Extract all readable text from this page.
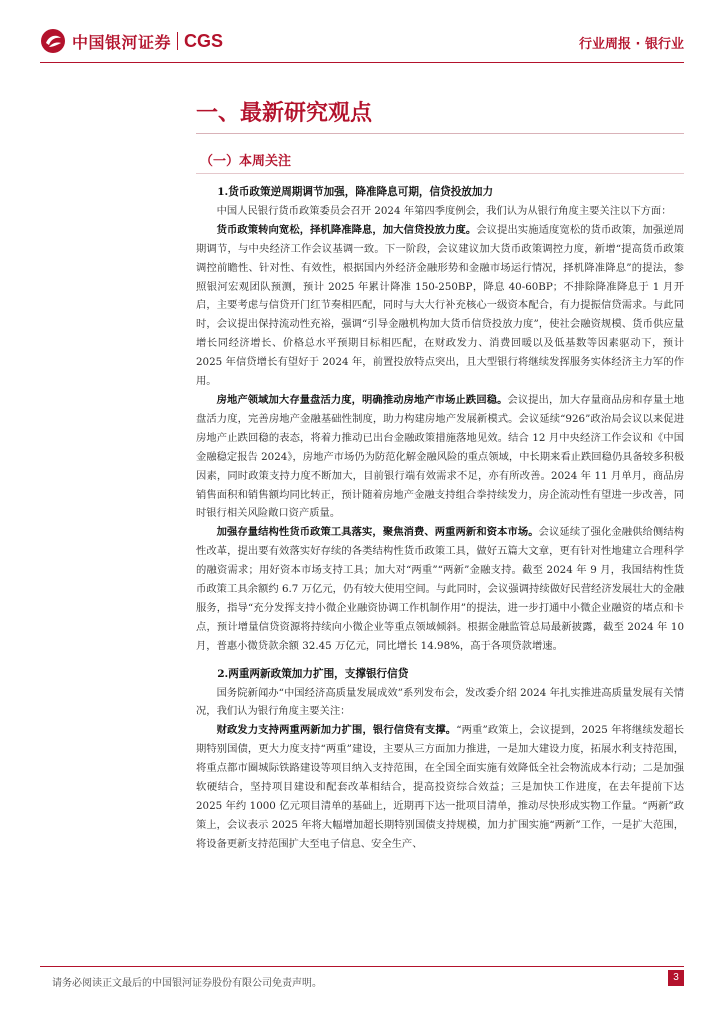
中国银河证券 CGS	行业周报 · 银行业
一、最新研究观点
（一）本周关注

1.货币政策逆周期调节加强，降准降息可期，信贷投放加力

中国人民银行货币政策委员会召开 2024 年第四季度例会，我们认为从银行角度主要关注以下方面：

货币政策转向宽松，择机降准降息，加大信贷投放力度。会议提出实施适度宽松的货币政策，加强逆周期调节，与中央经济工作会议基调一致。下一阶段，会议建议加大货币政策调控力度，新增“提高货币政策调控前瞻性、针对性、有效性，根据国内外经济金融形势和金融市场运行情况，择机降准降息”的提法，参照银河宏观团队预测，预计 2025 年累计降准 150-250BP，降息 40-60BP；不排除降准降息于 1 月开启，主要考虑与信贷开门红节奏相匹配，同时与大大行补充核心一级资本配合，有力提振信贷需求。与此同时，会议提出保持流动性充裕，强调“引导金融机构加大货币信贷投放力度”，使社会融资规模、货币供应量增长同经济增长、价格总水平预期目标相匹配，在财政发力、消费回暖以及低基数等因素驱动下，预计 2025 年信贷增长有望好于 2024 年，前置投放特点突出，且大型银行将继续发挥服务实体经济主力军的作用。

房地产领域加大存量盘活力度，明确推动房地产市场止跌回稳。会议提出，加大存量商品房和存量土地盘活力度，完善房地产金融基础性制度，助力构建房地产发展新模式。会议延续“926”政治局会议以来促进房地产止跌回稳的表态，将着力推动已出台金融政策措施落地见效。结合 12 月中央经济工作会议和《中国金融稳定报告 2024》，房地产市场仍为防范化解金融风险的重点领域，中长期来看止跌回稳仍具备较多积极因素，同时政策支持力度不断加大，目前银行端有效需求不足，亦有所改善。2024 年 11 月单月，商品房销售面积和销售额均同比转正，预计随着房地产金融支持组合拳持续发力，房企流动性有望进一步改善，同时银行相关风险敞口资产质量。

加强存量结构性货币政策工具落实，聚焦消费、两重两新和资本市场。会议延续了强化金融供给侧结构性改革，提出要有效落实好存续的各类结构性货币政策工具，做好五篇大文章，更有针对性地建立合理科学的融资需求；用好资本市场支持工具；加大对“两重”“两新”金融支持。截至 2024 年 9 月，我国结构性货币政策工具余额约 6.7 万亿元，仍有较大使用空间。与此同时，会议强调持续做好民营经济发展壮大的金融服务，指导“充分发挥支持小微企业融资协调工作机制作用”的提法，进一步打通中小微企业融资的堵点和卡点，预计增量信贷资源将持续向小微企业等重点领域倾斜。根据金融监管总局最新披露，截至 2024 年 10 月，普惠小微贷款余额 32.45 万亿元，同比增长 14.98%，高于各项贷款增速。

2.两重两新政策加力扩围，支撑银行信贷

国务院新闻办“中国经济高质量发展成效”系列发布会，发改委介绍 2024 年扎实推进高质量发展有关情况，我们认为银行角度主要关注：

财政发力支持两重两新加力扩围，银行信贷有支撑。“两重”政策上，会议提到，2025 年将继续发超长期特别国债，更大力度支持“两重”建设，主要从三方面加力推进，一是加大建设力度，拓展水利支持范围，将重点都市圈城际铁路建设等项目纳入支持范围，在全国全面实施有效降低全社会物流成本行动；二是加强软硬结合，坚持项目建设和配套改革相结合，提高投资综合效益；三是加快工作进度，在去年提前下达 2025 年约 1000 亿元项目清单的基础上，近期再下达一批项目清单，推动尽快形成实物工作量。“两新”政策上，会议表示 2025 年将大幅增加超长期特别国债支持规模，加力扩围实施“两新”工作，一是扩大范围，将设备更新支持范围扩大至电子信息、安全生产、

请务必阅读正文最后的中国银河证券股份有限公司免责声明。
3
